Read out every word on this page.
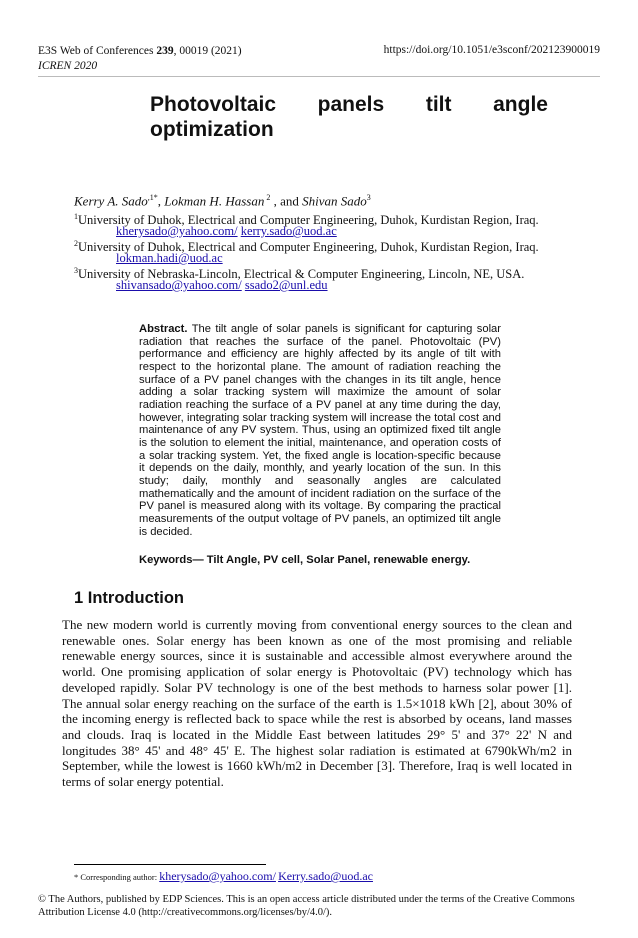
E3S Web of Conferences 239, 00019 (2021)
ICREN 2020
https://doi.org/10.1051/e3sconf/202123900019
Photovoltaic panels tilt angle
optimization
Kerry A. Sado$^{,1*}$, Lokman H. Hassan $^2$ , and Shivan Sado$^3$
$^1$University of Duhok, Electrical and Computer Engineering, Duhok, Kurdistan Region, Iraq.
kherysado@yahoo.com/ kerry.sado@uod.ac
$^2$University of Duhok, Electrical and Computer Engineering, Duhok, Kurdistan Region, Iraq.
lokman.hadi@uod.ac
$^3$University of Nebraska-Lincoln, Electrical & Computer Engineering, Lincoln, NE, USA.
shivansado@yahoo.com/ ssado2@unl.edu
Abstract. The tilt angle of solar panels is significant for capturing solar radiation that reaches the surface of the panel. Photovoltaic (PV) performance and efficiency are highly affected by its angle of tilt with respect to the horizontal plane. The amount of radiation reaching the surface of a PV panel changes with the changes in its tilt angle, hence adding a solar tracking system will maximize the amount of solar radiation reaching the surface of a PV panel at any time during the day, however, integrating solar tracking system will increase the total cost and maintenance of any PV system. Thus, using an optimized fixed tilt angle is the solution to element the initial, maintenance, and operation costs of a solar tracking system. Yet, the fixed angle is location-specific because it depends on the daily, monthly, and yearly location of the sun. In this study; daily, monthly and seasonally angles are calculated mathematically and the amount of incident radiation on the surface of the PV panel is measured along with its voltage. By comparing the practical measurements of the output voltage of PV panels, an optimized tilt angle is decided.
Keywords— Tilt Angle, PV cell, Solar Panel, renewable energy.
1 Introduction
The new modern world is currently moving from conventional energy sources to the clean and renewable ones. Solar energy has been known as one of the most promising and reliable renewable energy sources, since it is sustainable and accessible almost everywhere around the world. One promising application of solar energy is Photovoltaic (PV) technology which has developed rapidly. Solar PV technology is one of the best methods to harness solar power [1]. The annual solar energy reaching on the surface of the earth is 1.5×1018 kWh [2], about 30% of the incoming energy is reflected back to space while the rest is absorbed by oceans, land masses and clouds. Iraq is located in the Middle East between latitudes 29° 5' and 37° 22' N and longitudes 38° 45' and 48° 45' E. The highest solar radiation is estimated at 6790kWh/m2 in September, while the lowest is 1660 kWh/m2 in December [3]. Therefore, Iraq is well located in terms of solar energy potential.
* Corresponding author: kherysado@yahoo.com/ Kerry.sado@uod.ac
© The Authors, published by EDP Sciences. This is an open access article distributed under the terms of the Creative Commons Attribution License 4.0 (http://creativecommons.org/licenses/by/4.0/).
